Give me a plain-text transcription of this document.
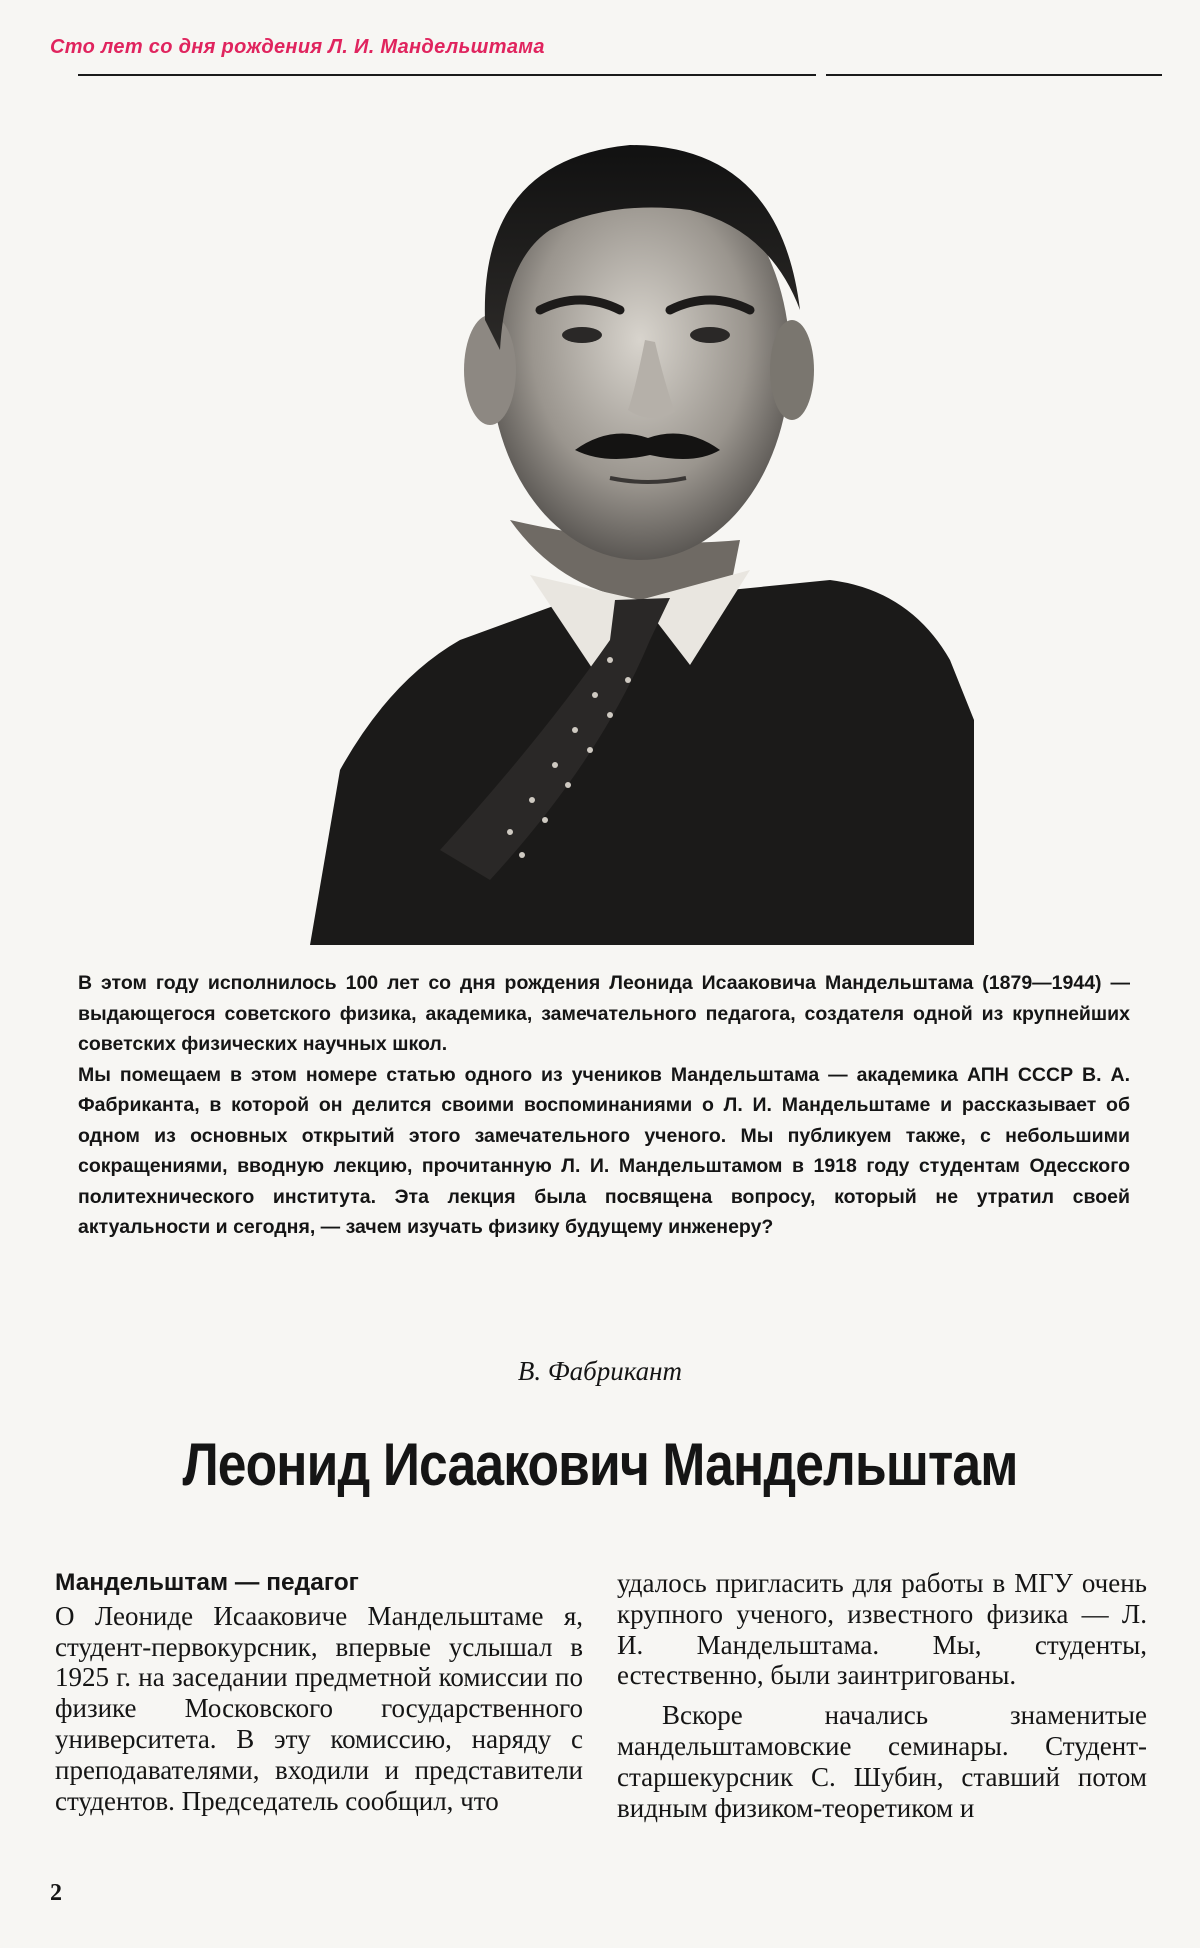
Сто лет со дня рождения Л. И. Мандельштама

В этом году исполнилось 100 лет со дня рождения Леонида Исааковича Мандельштама (1879—1944) — выдающегося советского физика, академика, замечательного педагога, создателя одной из крупнейших советских физических научных школ.

Мы помещаем в этом номере статью одного из учеников Мандельштама — академика АПН СССР В. А. Фабриканта, в которой он делится своими воспоминаниями о Л. И. Мандельштаме и рассказывает об одном из основных открытий этого замечательного ученого. Мы публикуем также, с небольшими сокращениями, вводную лекцию, прочитанную Л. И. Мандельштамом в 1918 году студентам Одесского политехнического института. Эта лекция была посвящена вопросу, который не утратил своей актуальности и сегодня, — зачем изучать физику будущему инженеру?

В. Фабрикант
Леонид Исаакович Мандельштам
Мандельштам — педагог

О Леониде Исааковиче Мандельштаме я, студент-первокурсник, впервые услышал в 1925 г. на заседании предметной комиссии по физике Московского государственного университета. В эту комиссию, наряду с преподавателями, входили и представители студентов. Председатель сообщил, что

удалось пригласить для работы в МГУ очень крупного ученого, известного физика — Л. И. Мандельштама. Мы, студенты, естественно, были заинтригованы.

Вскоре начались знаменитые мандельштамовские семинары. Студент-старшекурсник С. Шубин, ставший потом видным физиком-теоретиком и

2
